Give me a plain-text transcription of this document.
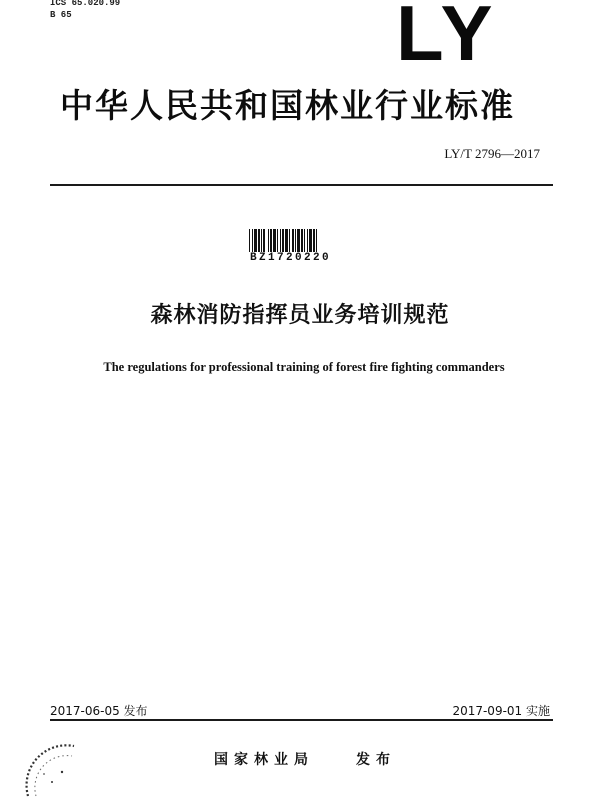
ICS 65.020.99
B 65	LY
中华人民共和国林业行业标准
LY/T 2796—2017
BZ1720220
森林消防指挥员业务培训规范
The regulations for professional training of forest fire fighting commanders
2017-06-05 发布	2017-09-01 实施
国家林业局	发布
